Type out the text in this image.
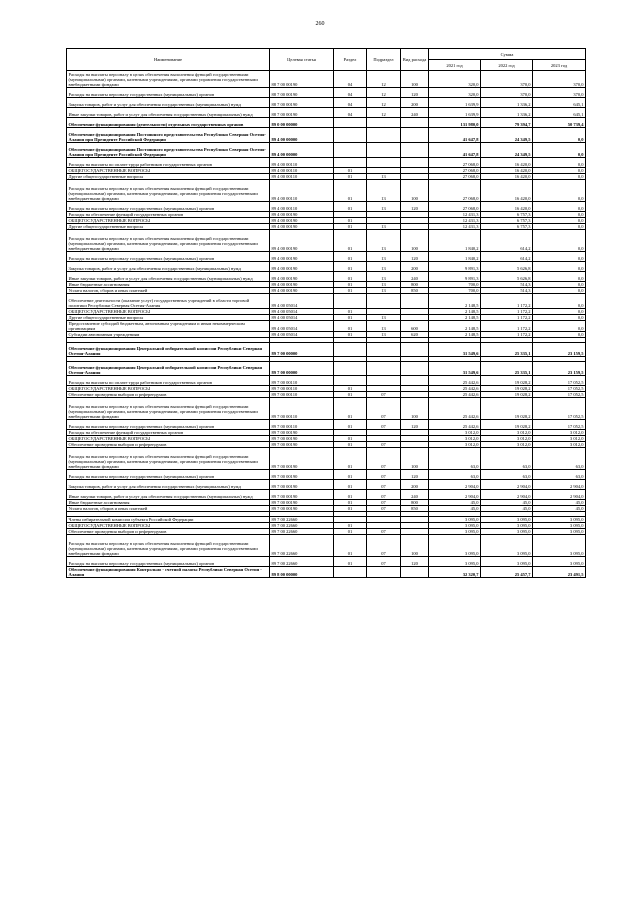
260
Наименование	Целевая статья	Раздел	Подраздел	Вид расхода	Сумма		
					2021 год	2022 год	2023 год
Расходы на выплаты персоналу в целях обеспечения выполнения функций государственными (муниципальными) органами, казенными учреждениями, органами управления государственными внебюджетными фондами	88 7 00 00190	04	12	100	320,0	370,0	370,0
Расходы на выплаты персоналу государственных (муниципальных) органов	88 7 00 00190	04	12	120	320,0	370,0	370,0
Закупка товаров, работ и услуг для обеспечения государственных (муниципальных) нужд	88 7 00 00190	04	12	200	1 639,9	1 336,2	645,1
Иные закупки товаров, работ и услуг для обеспечения государственных (муниципальных) нужд	88 7 00 00190	04	12	240	1 639,9	1 336,2	645,1
Обеспечение функционирования (деятельности) отдельных государственных органов	89 0 00 00000				131 980,0	79 394,7	50 739,4
Обеспечение функционирования Постоянного представительства Республики Северная Осетия-Алания при Президенте Российской Федерации	89 4 00 00000				41 647,8	24 349,5	0,0
Обеспечение функционирования Постоянного представительства Республики Северная Осетия-Алания при Президенте Российской Федерации	89 4 00 00000				41 647,8	24 349,5	0,0
Расходы на выплаты по оплате труда работников государственных органов	89 4 00 00110				27 068,0	16 420,0	0,0
ОБЩЕГОСУДАРСТВЕННЫЕ ВОПРОСЫ	89 4 00 00110	01			27 068,0	16 420,0	0,0
Другие общегосударственные вопросы	89 4 00 00110	01	13		27 068,0	16 420,0	0,0
Расходы на выплаты персоналу в целях обеспечения выполнения функций государственными (муниципальными) органами, казенными учреждениями, органами управления государственными внебюджетными фондами	89 4 00 00110	01	13	100	27 068,0	16 420,0	0,0
Расходы на выплаты персоналу государственных (муниципальных) органов	89 4 00 00110	01	13	120	27 068,0	16 420,0	0,0
Расходы на обеспечение функций государственных органов	89 4 00 00190				12 431,3	6 757,3	0,0
ОБЩЕГОСУДАРСТВЕННЫЕ ВОПРОСЫ	89 4 00 00190	01			12 431,3	6 757,3	0,0
Другие общегосударственные вопросы	89 4 00 00190	01	13		12 431,3	6 757,3	0,0
Расходы на выплаты персоналу в целях обеспечения выполнения функций государственными (муниципальными) органами, казенными учреждениями, органами управления государственными внебюджетными фондами	89 4 00 00190	01	13	100	1 840,2	614,2	0,0
Расходы на выплаты персоналу государственных (муниципальных) органов	89 4 00 00190	01	13	120	1 840,2	614,2	0,0
Закупка товаров, работ и услуг для обеспечения государственных (муниципальных) нужд	89 4 00 00190	01	13	200	9 891,3	5 626,8	0,0
Иные закупки товаров, работ и услуг для обеспечения государственных (муниципальных) нужд	89 4 00 00190	01	13	240	9 891,3	5 626,8	0,0
Иные бюджетные ассигнования	89 4 00 00190	01	13	800	700,0	514,3	0,0
Уплата налогов, сборов и иных платежей	89 4 00 00190	01	13	850	700,0	514,3	0,0
Обеспечение деятельности (оказание услуг) государственных учреждений в области торговой политики Республики Северная Осетия-Алания	89 4 00 05014				2 148,5	1 172,2	0,0
ОБЩЕГОСУДАРСТВЕННЫЕ ВОПРОСЫ	89 4 00 05014	01			2 148,5	1 172,2	0,0
Другие общегосударственные вопросы	89 4 00 05014	01	13		2 148,5	1 172,2	0,0
Предоставление субсидий бюджетным, автономным учреждениям и иным некоммерческим организациям	89 4 00 05014	01	13	600	2 148,5	1 172,2	0,0
Субсидии автономным учреждениям	89 4 00 05014	01	13	620	2 148,5	1 172,2	0,0

Обеспечение функционирования Центральной избирательной комиссии Республики Северная Осетия-Алания	89 7 00 00000				31 549,6	25 335,1	23 159,5

Обеспечение функционирования Центральной избирательной комиссии Республики Северная Осетия-Алания	89 7 00 00000				31 549,6	25 335,1	23 159,5
Расходы на выплаты по оплате труда работников государственных органов	89 7 00 00110				25 442,6	19 028,2	17 052,5
ОБЩЕГОСУДАРСТВЕННЫЕ ВОПРОСЫ	89 7 00 00110	01			25 442,6	19 028,2	17 052,5
Обеспечение проведения выборов и референдумов	89 7 00 00110	01	07		25 442,6	19 028,2	17 052,5
Расходы на выплаты персоналу в целях обеспечения выполнения функций государственными (муниципальными) органами, казенными учреждениями, органами управления государственными внебюджетными фондами	89 7 00 00110	01	07	100	25 442,6	19 028,2	17 052,5
Расходы на выплаты персоналу государственных (муниципальных) органов	89 7 00 00110	01	07	120	25 442,6	19 028,2	17 052,5
Расходы на обеспечение функций государственных органов	89 7 00 00190				3 012,0	3 012,0	3 012,0
ОБЩЕГОСУДАРСТВЕННЫЕ ВОПРОСЫ	89 7 00 00190	01			3 012,0	3 012,0	3 012,0
Обеспечение проведения выборов и референдумов	89 7 00 00190	01	07		3 012,0	3 012,0	3 012,0
Расходы на выплаты персоналу в целях обеспечения выполнения функций государственными (муниципальными) органами, казенными учреждениями, органами управления государственными внебюджетными фондами	89 7 00 00190	01	07	100	63,0	63,0	63,0
Расходы на выплаты персоналу государственных (муниципальных) органов	89 7 00 00190	01	07	120	63,0	63,0	63,0
Закупка товаров, работ и услуг для обеспечения государственных (муниципальных) нужд	89 7 00 00190	01	07	200	2 904,0	2 904,0	2 904,0
Иные закупки товаров, работ и услуг для обеспечения государственных (муниципальных) нужд	89 7 00 00190	01	07	240	2 904,0	2 904,0	2 904,0
Иные бюджетные ассигнования	89 7 00 00190	01	07	800	45,0	45,0	45,0
Уплата налогов, сборов и иных платежей	89 7 00 00190	01	07	850	45,0	45,0	45,0

Члены избирательной комиссии субъекта Российской Федерации	89 7 00 22660				3 095,0	3 095,0	3 095,0
ОБЩЕГОСУДАРСТВЕННЫЕ ВОПРОСЫ	89 7 00 22660	01			3 095,0	3 095,0	3 095,0
Обеспечение проведения выборов и референдумов	89 7 00 22660	01	07		3 095,0	3 095,0	3 095,0
Расходы на выплаты персоналу в целях обеспечения выполнения функций государственными (муниципальными) органами, казенными учреждениями, органами управления государственными внебюджетными фондами	89 7 00 22660	01	07	100	3 095,0	3 095,0	3 095,0
Расходы на выплаты персоналу государственных (муниципальных) органов	89 7 00 22660	01	07	120	3 095,0	3 095,0	3 095,0
Обеспечение функционирования Контрольно - счетной палаты Республики Северная Осетия - Алания	89 8 00 00000				32 320,7	25 457,7	23 491,5
